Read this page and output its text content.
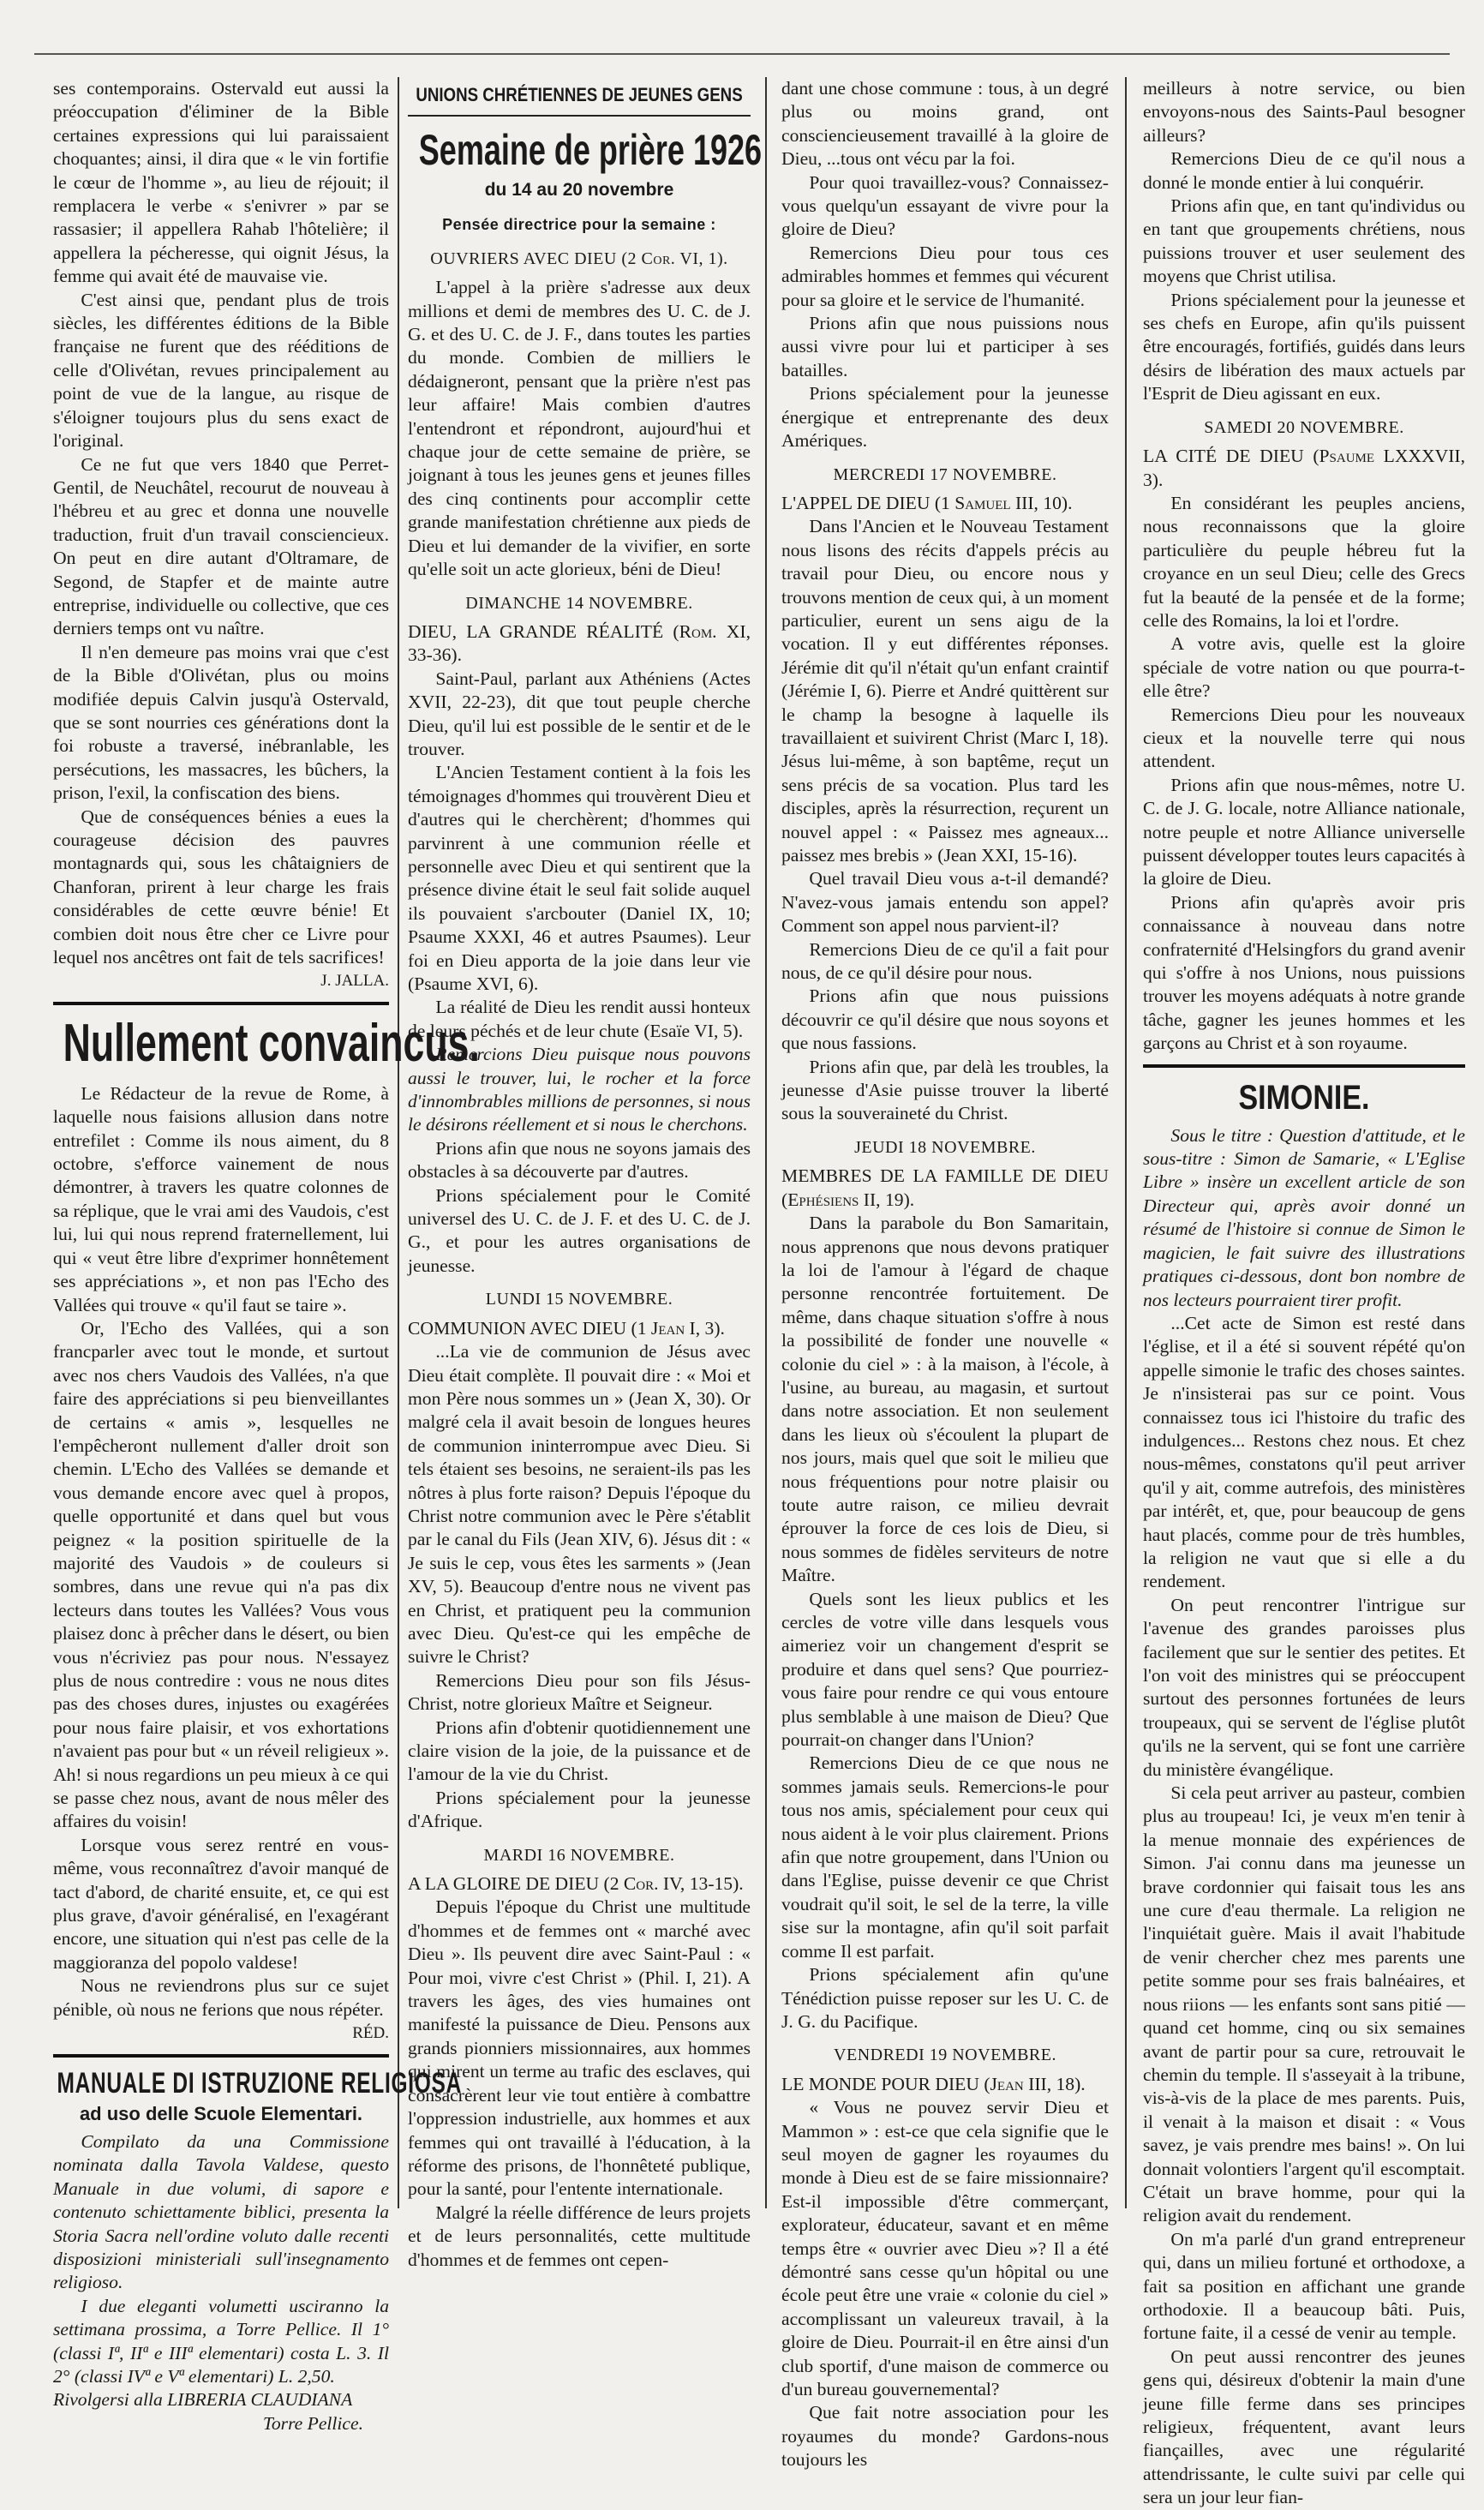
ses contemporains. Ostervald eut aussi la préoccupation d'éliminer de la Bible certaines expressions qui lui paraissaient choquantes; ainsi, il dira que « le vin fortifie le cœur de l'homme », au lieu de réjouit; il remplacera le verbe « s'enivrer » par se rassasier; il appellera Rahab l'hôtelière; il appellera la pécheresse, qui oignit Jésus, la femme qui avait été de mauvaise vie.

C'est ainsi que, pendant plus de trois siècles, les différentes éditions de la Bible française ne furent que des rééditions de celle d'Olivétan, revues principalement au point de vue de la langue, au risque de s'éloigner toujours plus du sens exact de l'original.

Ce ne fut que vers 1840 que Perret-Gentil, de Neuchâtel, recourut de nouveau à l'hébreu et au grec et donna une nouvelle traduction, fruit d'un travail consciencieux. On peut en dire autant d'Oltramare, de Segond, de Stapfer et de mainte autre entreprise, individuelle ou collective, que ces derniers temps ont vu naître.

Il n'en demeure pas moins vrai que c'est de la Bible d'Olivétan, plus ou moins modifiée depuis Calvin jusqu'à Ostervald, que se sont nourries ces générations dont la foi robuste a traversé, inébranlable, les persécutions, les massacres, les bûchers, la prison, l'exil, la confiscation des biens.

Que de conséquences bénies a eues la courageuse décision des pauvres montagnards qui, sous les châtaigniers de Chanforan, prirent à leur charge les frais considérables de cette œuvre bénie! Et combien doit nous être cher ce Livre pour lequel nos ancêtres ont fait de tels sacrifices!

J. JALLA.
Nullement convaincus.

Le Rédacteur de la revue de Rome, à laquelle nous faisions allusion dans notre entrefilet : Comme ils nous aiment, du 8 octobre, s'efforce vainement de nous démontrer, à travers les quatre colonnes de sa réplique, que le vrai ami des Vaudois, c'est lui, lui qui nous reprend fraternellement, lui qui « veut être libre d'exprimer honnêtement ses appréciations », et non pas l'Echo des Vallées qui trouve « qu'il faut se taire ».

Or, l'Echo des Vallées, qui a son francparler avec tout le monde, et surtout avec nos chers Vaudois des Vallées, n'a que faire des appréciations si peu bienveillantes de certains « amis », lesquelles ne l'empêcheront nullement d'aller droit son chemin. L'Echo des Vallées se demande et vous demande encore avec quel à propos, quelle opportunité et dans quel but vous peignez « la position spirituelle de la majorité des Vaudois » de couleurs si sombres, dans une revue qui n'a pas dix lecteurs dans toutes les Vallées? Vous vous plaisez donc à prêcher dans le désert, ou bien vous n'écriviez pas pour nous. N'essayez plus de nous contredire : vous ne nous dites pas des choses dures, injustes ou exagérées pour nous faire plaisir, et vos exhortations n'avaient pas pour but « un réveil religieux ». Ah! si nous regardions un peu mieux à ce qui se passe chez nous, avant de nous mêler des affaires du voisin!

Lorsque vous serez rentré en vous-même, vous reconnaîtrez d'avoir manqué de tact d'abord, de charité ensuite, et, ce qui est plus grave, d'avoir généralisé, en l'exagérant encore, une situation qui n'est pas celle de la maggioranza del popolo valdese!

Nous ne reviendrons plus sur ce sujet pénible, où nous ne ferions que nous répéter.

RÉD.
MANUALE DI ISTRUZIONE RELIGIOSA
ad uso delle Scuole Elementari.

Compilato da una Commissione nominata dalla Tavola Valdese, questo Manuale in due volumi, di sapore e contenuto schiettamente biblici, presenta la Storia Sacra nell'ordine voluto dalle recenti disposizioni ministeriali sull'insegnamento religioso.

I due eleganti volumetti usciranno la settimana prossima, a Torre Pellice. Il 1° (classi Iª, IIª e IIIª elementari) costa L. 3. Il 2° (classi IVª e Vª elementari) L. 2,50.

Rivolgersi alla LIBRERIA CLAUDIANA

Torre Pellice.
UNIONS CHRÉTIENNES DE JEUNES GENS
Semaine de prière 1926
du 14 au 20 novembre
Pensée directrice pour la semaine :
OUVRIERS AVEC DIEU (2 Cor. VI, 1).

L'appel à la prière s'adresse aux deux millions et demi de membres des U. C. de J. G. et des U. C. de J. F., dans toutes les parties du monde. Combien de milliers le dédaigneront, pensant que la prière n'est pas leur affaire! Mais combien d'autres l'entendront et répondront, aujourd'hui et chaque jour de cette semaine de prière, se joignant à tous les jeunes gens et jeunes filles des cinq continents pour accomplir cette grande manifestation chrétienne aux pieds de Dieu et lui demander de la vivifier, en sorte qu'elle soit un acte glorieux, béni de Dieu!

DIMANCHE 14 NOVEMBRE.

DIEU, LA GRANDE RÉALITÉ (Rom. XI, 33-36).

Saint-Paul, parlant aux Athéniens (Actes XVII, 22-23), dit que tout peuple cherche Dieu, qu'il lui est possible de le sentir et de le trouver.

L'Ancien Testament contient à la fois les témoignages d'hommes qui trouvèrent Dieu et d'autres qui le cherchèrent; d'hommes qui parvinrent à une communion réelle et personnelle avec Dieu et qui sentirent que la présence divine était le seul fait solide auquel ils pouvaient s'arcbouter (Daniel IX, 10; Psaume XXXI, 46 et autres Psaumes). Leur foi en Dieu apporta de la joie dans leur vie (Psaume XVI, 6).

La réalité de Dieu les rendit aussi honteux de leurs péchés et de leur chute (Esaïe VI, 5).

Remercions Dieu puisque nous pouvons aussi le trouver, lui, le rocher et la force d'innombrables millions de personnes, si nous le désirons réellement et si nous le cherchons.

Prions afin que nous ne soyons jamais des obstacles à sa découverte par d'autres.

Prions spécialement pour le Comité universel des U. C. de J. F. et des U. C. de J. G., et pour les autres organisations de jeunesse.

LUNDI 15 NOVEMBRE.

COMMUNION AVEC DIEU (1 Jean I, 3).

...La vie de communion de Jésus avec Dieu était complète. Il pouvait dire : « Moi et mon Père nous sommes un » (Jean X, 30). Or malgré cela il avait besoin de longues heures de communion ininterrompue avec Dieu. Si tels étaient ses besoins, ne seraient-ils pas les nôtres à plus forte raison? Depuis l'époque du Christ notre communion avec le Père s'établit par le canal du Fils (Jean XIV, 6). Jésus dit : « Je suis le cep, vous êtes les sarments » (Jean XV, 5). Beaucoup d'entre nous ne vivent pas en Christ, et pratiquent peu la communion avec Dieu. Qu'est-ce qui les empêche de suivre le Christ?

Remercions Dieu pour son fils Jésus-Christ, notre glorieux Maître et Seigneur.

Prions afin d'obtenir quotidiennement une claire vision de la joie, de la puissance et de l'amour de la vie du Christ.

Prions spécialement pour la jeunesse d'Afrique.

MARDI 16 NOVEMBRE.

A LA GLOIRE DE DIEU (2 Cor. IV, 13-15).

Depuis l'époque du Christ une multitude d'hommes et de femmes ont « marché avec Dieu ». Ils peuvent dire avec Saint-Paul : « Pour moi, vivre c'est Christ » (Phil. I, 21). A travers les âges, des vies humaines ont manifesté la puissance de Dieu. Pensons aux grands pionniers missionnaires, aux hommes qui mirent un terme au trafic des esclaves, qui consacrèrent leur vie tout entière à combattre l'oppression industrielle, aux hommes et aux femmes qui ont travaillé à l'éducation, à la réforme des prisons, de l'honnêteté publique, pour la santé, pour l'entente internationale.

Malgré la réelle différence de leurs projets et de leurs personnalités, cette multitude d'hommes et de femmes ont cepen-

dant une chose commune : tous, à un degré plus ou moins grand, ont consciencieusement travaillé à la gloire de Dieu, ...tous ont vécu par la foi.

Pour quoi travaillez-vous? Connaissez-vous quelqu'un essayant de vivre pour la gloire de Dieu?

Remercions Dieu pour tous ces admirables hommes et femmes qui vécurent pour sa gloire et le service de l'humanité.

Prions afin que nous puissions nous aussi vivre pour lui et participer à ses batailles.

Prions spécialement pour la jeunesse énergique et entreprenante des deux Amériques.

MERCREDI 17 NOVEMBRE.

L'APPEL DE DIEU (1 Samuel III, 10).

Dans l'Ancien et le Nouveau Testament nous lisons des récits d'appels précis au travail pour Dieu, ou encore nous y trouvons mention de ceux qui, à un moment particulier, eurent un sens aigu de la vocation. Il y eut différentes réponses. Jérémie dit qu'il n'était qu'un enfant craintif (Jérémie I, 6). Pierre et André quittèrent sur le champ la besogne à laquelle ils travaillaient et suivirent Christ (Marc I, 18). Jésus lui-même, à son baptême, reçut un sens précis de sa vocation. Plus tard les disciples, après la résurrection, reçurent un nouvel appel : « Paissez mes agneaux... paissez mes brebis » (Jean XXI, 15-16).

Quel travail Dieu vous a-t-il demandé? N'avez-vous jamais entendu son appel? Comment son appel nous parvient-il?

Remercions Dieu de ce qu'il a fait pour nous, de ce qu'il désire pour nous.

Prions afin que nous puissions découvrir ce qu'il désire que nous soyons et que nous fassions.

Prions afin que, par delà les troubles, la jeunesse d'Asie puisse trouver la liberté sous la souveraineté du Christ.

JEUDI 18 NOVEMBRE.

MEMBRES DE LA FAMILLE DE DIEU (Ephésiens II, 19).

Dans la parabole du Bon Samaritain, nous apprenons que nous devons pratiquer la loi de l'amour à l'égard de chaque personne rencontrée fortuitement. De même, dans chaque situation s'offre à nous la possibilité de fonder une nouvelle « colonie du ciel » : à la maison, à l'école, à l'usine, au bureau, au magasin, et surtout dans notre association. Et non seulement dans les lieux où s'écoulent la plupart de nos jours, mais quel que soit le milieu que nous fréquentions pour notre plaisir ou toute autre raison, ce milieu devrait éprouver la force de ces lois de Dieu, si nous sommes de fidèles serviteurs de notre Maître.

Quels sont les lieux publics et les cercles de votre ville dans lesquels vous aimeriez voir un changement d'esprit se produire et dans quel sens? Que pourriez-vous faire pour rendre ce qui vous entoure plus semblable à une maison de Dieu? Que pourrait-on changer dans l'Union?

Remercions Dieu de ce que nous ne sommes jamais seuls. Remercions-le pour tous nos amis, spécialement pour ceux qui nous aident à le voir plus clairement. Prions afin que notre groupement, dans l'Union ou dans l'Eglise, puisse devenir ce que Christ voudrait qu'il soit, le sel de la terre, la ville sise sur la montagne, afin qu'il soit parfait comme Il est parfait.

Prions spécialement afin qu'une Ténédiction puisse reposer sur les U. C. de J. G. du Pacifique.

VENDREDI 19 NOVEMBRE.

LE MONDE POUR DIEU (Jean III, 18).

« Vous ne pouvez servir Dieu et Mammon » : est-ce que cela signifie que le seul moyen de gagner les royaumes du monde à Dieu est de se faire missionnaire? Est-il impossible d'être commerçant, explorateur, éducateur, savant et en même temps être « ouvrier avec Dieu »? Il a été démontré sans cesse qu'un hôpital ou une école peut être une vraie « colonie du ciel » accomplissant un valeureux travail, à la gloire de Dieu. Pourrait-il en être ainsi d'un club sportif, d'une maison de commerce ou d'un bureau gouvernemental?

Que fait notre association pour les royaumes du monde? Gardons-nous toujours les

meilleurs à notre service, ou bien envoyons-nous des Saints-Paul besogner ailleurs?

Remercions Dieu de ce qu'il nous a donné le monde entier à lui conquérir.

Prions afin que, en tant qu'individus ou en tant que groupements chrétiens, nous puissions trouver et user seulement des moyens que Christ utilisa.

Prions spécialement pour la jeunesse et ses chefs en Europe, afin qu'ils puissent être encouragés, fortifiés, guidés dans leurs désirs de libération des maux actuels par l'Esprit de Dieu agissant en eux.

SAMEDI 20 NOVEMBRE.

LA CITÉ DE DIEU (Psaume LXXXVII, 3).

En considérant les peuples anciens, nous reconnaissons que la gloire particulière du peuple hébreu fut la croyance en un seul Dieu; celle des Grecs fut la beauté de la pensée et de la forme; celle des Romains, la loi et l'ordre.

A votre avis, quelle est la gloire spéciale de votre nation ou que pourra-t-elle être?

Remercions Dieu pour les nouveaux cieux et la nouvelle terre qui nous attendent.

Prions afin que nous-mêmes, notre U. C. de J. G. locale, notre Alliance nationale, notre peuple et notre Alliance universelle puissent développer toutes leurs capacités à la gloire de Dieu.

Prions afin qu'après avoir pris connaissance à nouveau dans notre confraternité d'Helsingfors du grand avenir qui s'offre à nos Unions, nous puissions trouver les moyens adéquats à notre grande tâche, gagner les jeunes hommes et les garçons au Christ et à son royaume.

SIMONIE.

Sous le titre : Question d'attitude, et le sous-titre : Simon de Samarie, « L'Eglise Libre » insère un excellent article de son Directeur qui, après avoir donné un résumé de l'histoire si connue de Simon le magicien, le fait suivre des illustrations pratiques ci-dessous, dont bon nombre de nos lecteurs pourraient tirer profit.

...Cet acte de Simon est resté dans l'église, et il a été si souvent répété qu'on appelle simonie le trafic des choses saintes. Je n'insisterai pas sur ce point. Vous connaissez tous ici l'histoire du trafic des indulgences... Restons chez nous. Et chez nous-mêmes, constatons qu'il peut arriver qu'il y ait, comme autrefois, des ministères par intérêt, et, que, pour beaucoup de gens haut placés, comme pour de très humbles, la religion ne vaut que si elle a du rendement.

On peut rencontrer l'intrigue sur l'avenue des grandes paroisses plus facilement que sur le sentier des petites. Et l'on voit des ministres qui se préoccupent surtout des personnes fortunées de leurs troupeaux, qui se servent de l'église plutôt qu'ils ne la servent, qui se font une carrière du ministère évangélique.

Si cela peut arriver au pasteur, combien plus au troupeau! Ici, je veux m'en tenir à la menue monnaie des expériences de Simon. J'ai connu dans ma jeunesse un brave cordonnier qui faisait tous les ans une cure d'eau thermale. La religion ne l'inquiétait guère. Mais il avait l'habitude de venir chercher chez mes parents une petite somme pour ses frais balnéaires, et nous riions — les enfants sont sans pitié — quand cet homme, cinq ou six semaines avant de partir pour sa cure, retrouvait le chemin du temple. Il s'asseyait à la tribune, vis-à-vis de la place de mes parents. Puis, il venait à la maison et disait : « Vous savez, je vais prendre mes bains! ». On lui donnait volontiers l'argent qu'il escomptait. C'était un brave homme, pour qui la religion avait du rendement.

On m'a parlé d'un grand entrepreneur qui, dans un milieu fortuné et orthodoxe, a fait sa position en affichant une grande orthodoxie. Il a beaucoup bâti. Puis, fortune faite, il a cessé de venir au temple.

On peut aussi rencontrer des jeunes gens qui, désireux d'obtenir la main d'une jeune fille ferme dans ses principes religieux, fréquentent, avant leurs fiançailles, avec une régularité attendrissante, le culte suivi par celle qui sera un jour leur fian-
